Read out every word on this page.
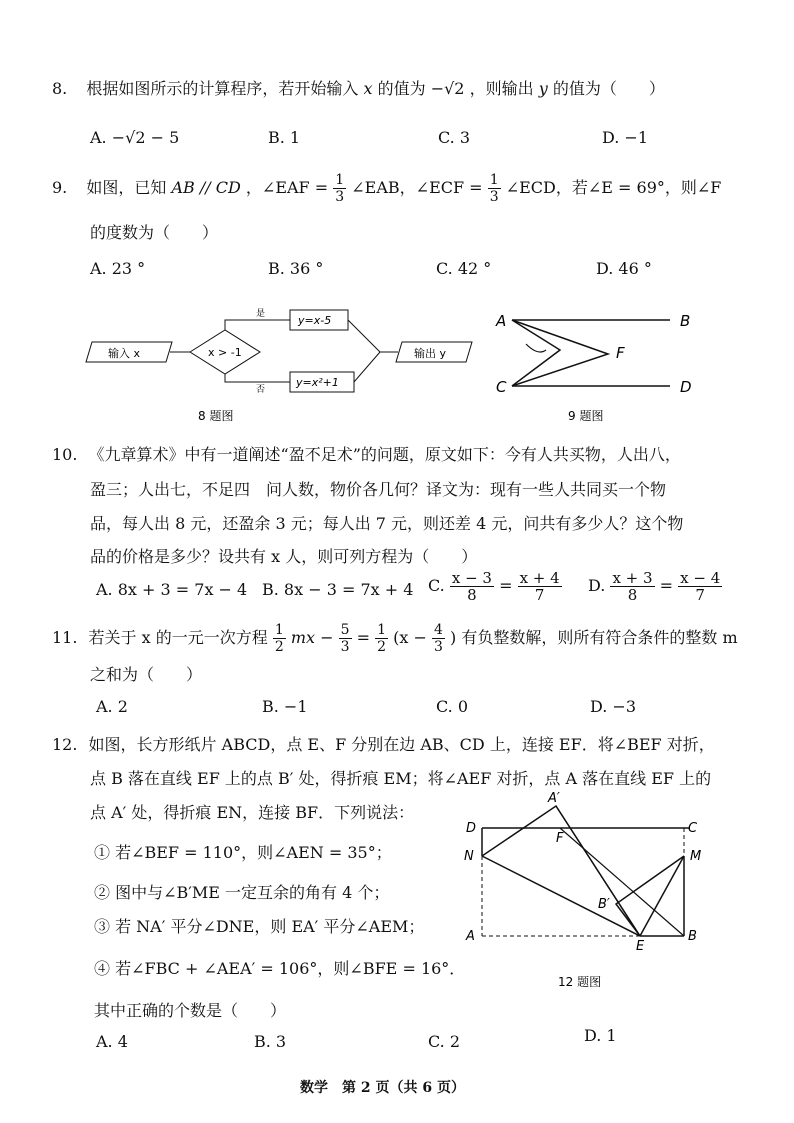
8. 根据如图所示的计算程序，若开始输入 x 的值为 −√2 ，则输出 y 的值为（　　）
A. −√2 − 5	B. 1	C. 3	D. −1
9. 如图，已知 AB // CD ，∠EAF = $\frac{1}{3}$ ∠EAB，∠ECF = $\frac{1}{3}$ ∠ECD，若∠E = 69°，则∠F
的度数为（　　）
A. 23 °	B. 36 °	C. 42 °	D. 46 °
输入 x	x > -1
是
否
y=x-5
y=x²+1
输出 y
8 题图
A	B
C	D
F
9 题图
10. 《九章算术》中有一道阐述“盈不足术”的问题，原文如下：今有人共买物，人出八，
盈三；人出七，不足四　问人数，物价各几何？译文为：现有一些人共同买一个物
品，每人出 8 元，还盈余 3 元；每人出 7 元，则还差 4 元，问共有多少人？这个物
品的价格是多少？设共有 x 人，则可列方程为（　　）
A. 8x + 3 = 7x − 4 B. 8x − 3 = 7x + 4 C. $\frac{x - 3}{8} = \frac{x + 4}{7} D$. $\frac{x + 3}{8} = \frac{x - 4}{7}$
11. 若关于 x 的一元一次方程 $\frac{1}{2}$ mx − $\frac{5}{3} = \frac{1}{2} (x - \frac{4}{3}$ ) 有负整数解，则所有符合条件的整数 m
之和为（　　）
A. 2	B. −1	C. 0	D. −3
12. 如图，长方形纸片 ABCD，点 E、F 分别在边 AB、CD 上，连接 EF．将∠BEF 对折，
点 B 落在直线 EF 上的点 B′ 处，得折痕 EM；将∠AEF 对折，点 A 落在直线 EF 上的
点 A′ 处，得折痕 EN，连接 BF．下列说法：
① 若∠BEF = 110°，则∠AEN = 35°；
② 图中与∠B′ME 一定互余的角有 4 个；
③ 若 NA′ 平分∠DNE，则 EA′ 平分∠AEM；
④ 若∠FBC + ∠AEA′ = 106°，则∠BFE = 16°．
其中正确的个数是（　　）
A. 4	B. 3	C. 2	D. 1
A′
D
F
C
N	M
B′
A
E
B
12 题图
数学　第 2 页（共 6 页）
